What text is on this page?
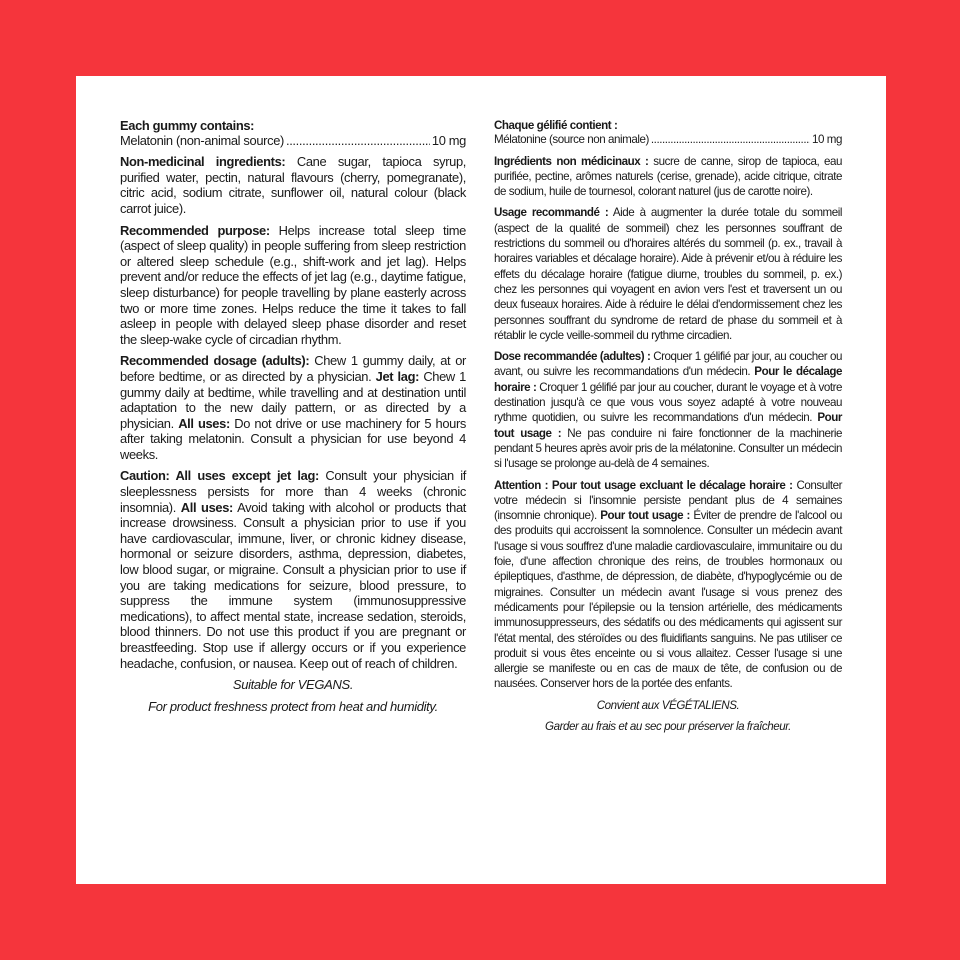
Each gummy contains:

Melatonin (non-animal source) .....	10 mg

Non-medicinal ingredients: Cane sugar, tapioca syrup, purified water, pectin, natural flavours (cherry, pomegranate), citric acid, sodium citrate, sunflower oil, natural colour (black carrot juice).

Recommended purpose: Helps increase total sleep time (aspect of sleep quality) in people suffering from sleep restriction or altered sleep schedule (e.g., shift-work and jet lag). Helps prevent and/or reduce the effects of jet lag (e.g., daytime fatigue, sleep disturbance) for people travelling by plane easterly across two or more time zones. Helps reduce the time it takes to fall asleep in people with delayed sleep phase disorder and reset the sleep-wake cycle of circadian rhythm.

Recommended dosage (adults): Chew 1 gummy daily, at or before bedtime, or as directed by a physician. Jet lag: Chew 1 gummy daily at bedtime, while travelling and at destination until adaptation to the new daily pattern, or as directed by a physician. All uses: Do not drive or use machinery for 5 hours after taking melatonin. Consult a physician for use beyond 4 weeks.

Caution: All uses except jet lag: Consult your physician if sleeplessness persists for more than 4 weeks (chronic insomnia). All uses: Avoid taking with alcohol or products that increase drowsiness. Consult a physician prior to use if you have cardiovascular, immune, liver, or chronic kidney disease, hormonal or seizure disorders, asthma, depression, diabetes, low blood sugar, or migraine. Consult a physician prior to use if you are taking medications for seizure, blood pressure, to suppress the immune system (immunosuppressive medications), to affect mental state, increase sedation, steroids, blood thinners. Do not use this product if you are pregnant or breastfeeding. Stop use if allergy occurs or if you experience headache, confusion, or nausea. Keep out of reach of children.

Suitable for VEGANS.

For product freshness protect from heat and humidity.

Chaque gélifié contient :

Mélatonine (source non animale) .....	10 mg

Ingrédients non médicinaux : sucre de canne, sirop de tapioca, eau purifiée, pectine, arômes naturels (cerise, grenade), acide citrique, citrate de sodium, huile de tournesol, colorant naturel (jus de carotte noire).

Usage recommandé : Aide à augmenter la durée totale du sommeil (aspect de la qualité de sommeil) chez les personnes souffrant de restrictions du sommeil ou d'horaires altérés du sommeil (p. ex., travail à horaires variables et décalage horaire). Aide à prévenir et/ou à réduire les effets du décalage horaire (fatigue diurne, troubles du sommeil, p. ex.) chez les personnes qui voyagent en avion vers l'est et traversent un ou deux fuseaux horaires. Aide à réduire le délai d'endormissement chez les personnes souffrant du syndrome de retard de phase du sommeil et à rétablir le cycle veille-sommeil du rythme circadien.

Dose recommandée (adultes) : Croquer 1 gélifié par jour, au coucher ou avant, ou suivre les recommandations d'un médecin. Pour le décalage horaire : Croquer 1 gélifié par jour au coucher, durant le voyage et à votre destination jusqu'à ce que vous vous soyez adapté à votre nouveau rythme quotidien, ou suivre les recommandations d'un médecin. Pour tout usage : Ne pas conduire ni faire fonctionner de la machinerie pendant 5 heures après avoir pris de la mélatonine. Consulter un médecin si l'usage se prolonge au-delà de 4 semaines.

Attention : Pour tout usage excluant le décalage horaire : Consulter votre médecin si l'insomnie persiste pendant plus de 4 semaines (insomnie chronique). Pour tout usage : Éviter de prendre de l'alcool ou des produits qui accroissent la somnolence. Consulter un médecin avant l'usage si vous souffrez d'une maladie cardiovasculaire, immunitaire ou du foie, d'une affection chronique des reins, de troubles hormonaux ou épileptiques, d'asthme, de dépression, de diabète, d'hypoglycémie ou de migraines. Consulter un médecin avant l'usage si vous prenez des médicaments pour l'épilepsie ou la tension artérielle, des médicaments immunosuppresseurs, des sédatifs ou des médicaments qui agissent sur l'état mental, des stéroïdes ou des fluidifiants sanguins. Ne pas utiliser ce produit si vous êtes enceinte ou si vous allaitez. Cesser l'usage si une allergie se manifeste ou en cas de maux de tête, de confusion ou de nausées. Conserver hors de la portée des enfants.

Convient aux VÉGÉTALIENS.

Garder au frais et au sec pour préserver la fraîcheur.
